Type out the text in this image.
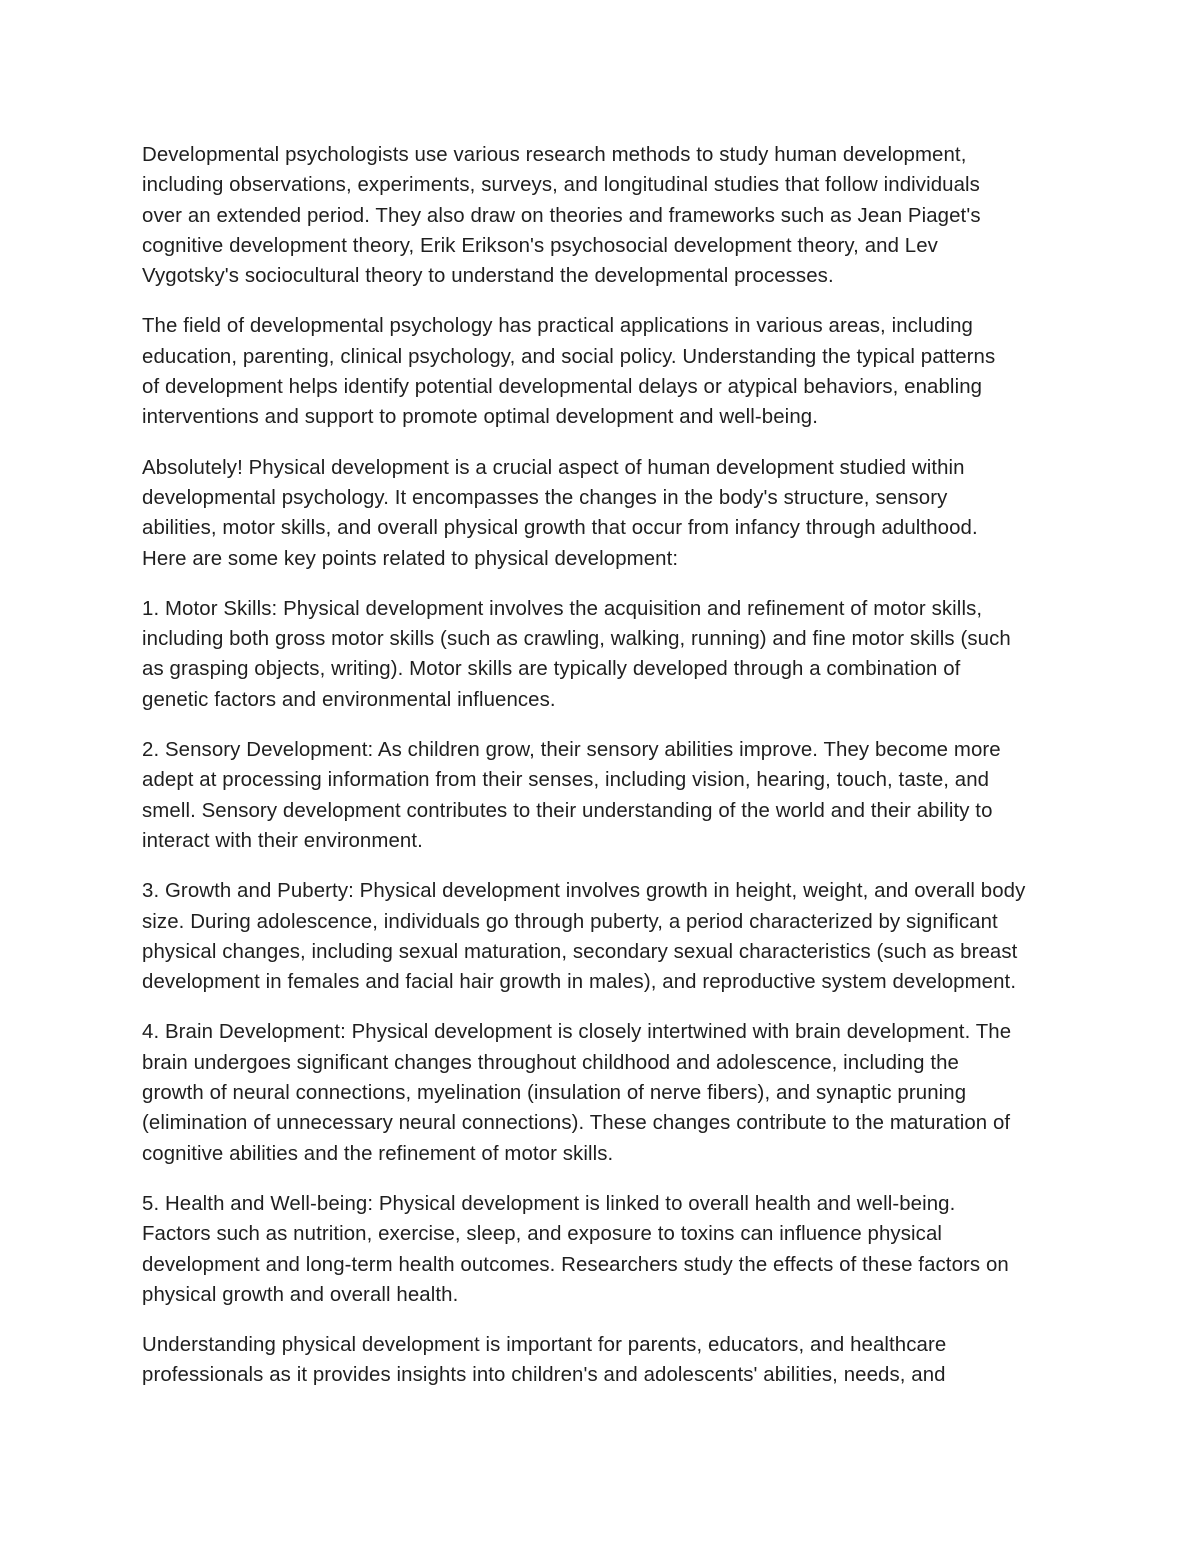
Developmental psychologists use various research methods to study human development,
including observations, experiments, surveys, and longitudinal studies that follow individuals
over an extended period. They also draw on theories and frameworks such as Jean Piaget's
cognitive development theory, Erik Erikson's psychosocial development theory, and Lev
Vygotsky's sociocultural theory to understand the developmental processes.

The field of developmental psychology has practical applications in various areas, including
education, parenting, clinical psychology, and social policy. Understanding the typical patterns
of development helps identify potential developmental delays or atypical behaviors, enabling
interventions and support to promote optimal development and well-being.

Absolutely! Physical development is a crucial aspect of human development studied within
developmental psychology. It encompasses the changes in the body's structure, sensory
abilities, motor skills, and overall physical growth that occur from infancy through adulthood.
Here are some key points related to physical development:

1. Motor Skills: Physical development involves the acquisition and refinement of motor skills,
including both gross motor skills (such as crawling, walking, running) and fine motor skills (such
as grasping objects, writing). Motor skills are typically developed through a combination of
genetic factors and environmental influences.

2. Sensory Development: As children grow, their sensory abilities improve. They become more
adept at processing information from their senses, including vision, hearing, touch, taste, and
smell. Sensory development contributes to their understanding of the world and their ability to
interact with their environment.

3. Growth and Puberty: Physical development involves growth in height, weight, and overall body
size. During adolescence, individuals go through puberty, a period characterized by significant
physical changes, including sexual maturation, secondary sexual characteristics (such as breast
development in females and facial hair growth in males), and reproductive system development.

4. Brain Development: Physical development is closely intertwined with brain development. The
brain undergoes significant changes throughout childhood and adolescence, including the
growth of neural connections, myelination (insulation of nerve fibers), and synaptic pruning
(elimination of unnecessary neural connections). These changes contribute to the maturation of
cognitive abilities and the refinement of motor skills.

5. Health and Well-being: Physical development is linked to overall health and well-being.
Factors such as nutrition, exercise, sleep, and exposure to toxins can influence physical
development and long-term health outcomes. Researchers study the effects of these factors on
physical growth and overall health.

Understanding physical development is important for parents, educators, and healthcare
professionals as it provides insights into children's and adolescents' abilities, needs, and
